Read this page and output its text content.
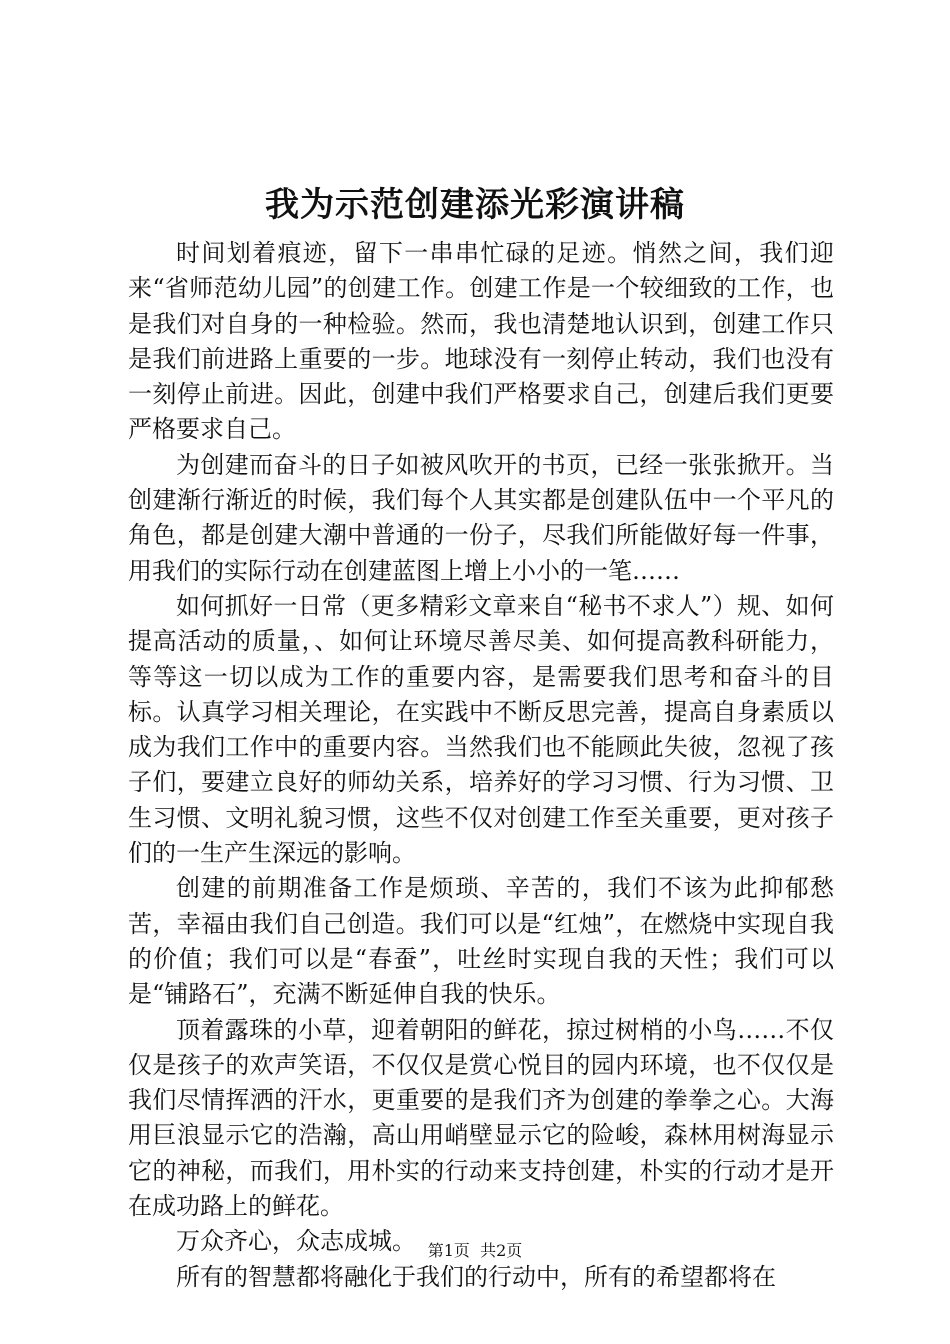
我为示范创建添光彩演讲稿

时间划着痕迹，留下一串串忙碌的足迹。悄然之间，我们迎来“省师范幼儿园”的创建工作。创建工作是一个较细致的工作，也是我们对自身的一种检验。然而，我也清楚地认识到，创建工作只是我们前进路上重要的一步。地球没有一刻停止转动，我们也没有一刻停止前进。因此，创建中我们严格要求自己，创建后我们更要严格要求自己。

为创建而奋斗的日子如被风吹开的书页，已经一张张掀开。当创建渐行渐近的时候，我们每个人其实都是创建队伍中一个平凡的角色，都是创建大潮中普通的一份子，尽我们所能做好每一件事，用我们的实际行动在创建蓝图上增上小小的一笔……

如何抓好一日常（更多精彩文章来自“秘书不求人”）规、如何提高活动的质量，、如何让环境尽善尽美、如何提高教科研能力，等等这一切以成为工作的重要内容，是需要我们思考和奋斗的目标。认真学习相关理论，在实践中不断反思完善，提高自身素质以成为我们工作中的重要内容。当然我们也不能顾此失彼，忽视了孩子们，要建立良好的师幼关系，培养好的学习习惯、行为习惯、卫生习惯、文明礼貌习惯，这些不仅对创建工作至关重要，更对孩子们的一生产生深远的影响。

创建的前期准备工作是烦琐、辛苦的，我们不该为此抑郁愁苦，幸福由我们自己创造。我们可以是“红烛”，在燃烧中实现自我的价值；我们可以是“春蚕”，吐丝时实现自我的天性；我们可以是“铺路石”，充满不断延伸自我的快乐。

顶着露珠的小草，迎着朝阳的鲜花，掠过树梢的小鸟……不仅仅是孩子的欢声笑语，不仅仅是赏心悦目的园内环境，也不仅仅是我们尽情挥洒的汗水，更重要的是我们齐为创建的拳拳之心。大海用巨浪显示它的浩瀚，高山用峭壁显示它的险峻，森林用树海显示它的神秘，而我们，用朴实的行动来支持创建，朴实的行动才是开在成功路上的鲜花。

万众齐心，众志成城。

所有的智慧都将融化于我们的行动中，所有的希望都将在

第1页  共2页
